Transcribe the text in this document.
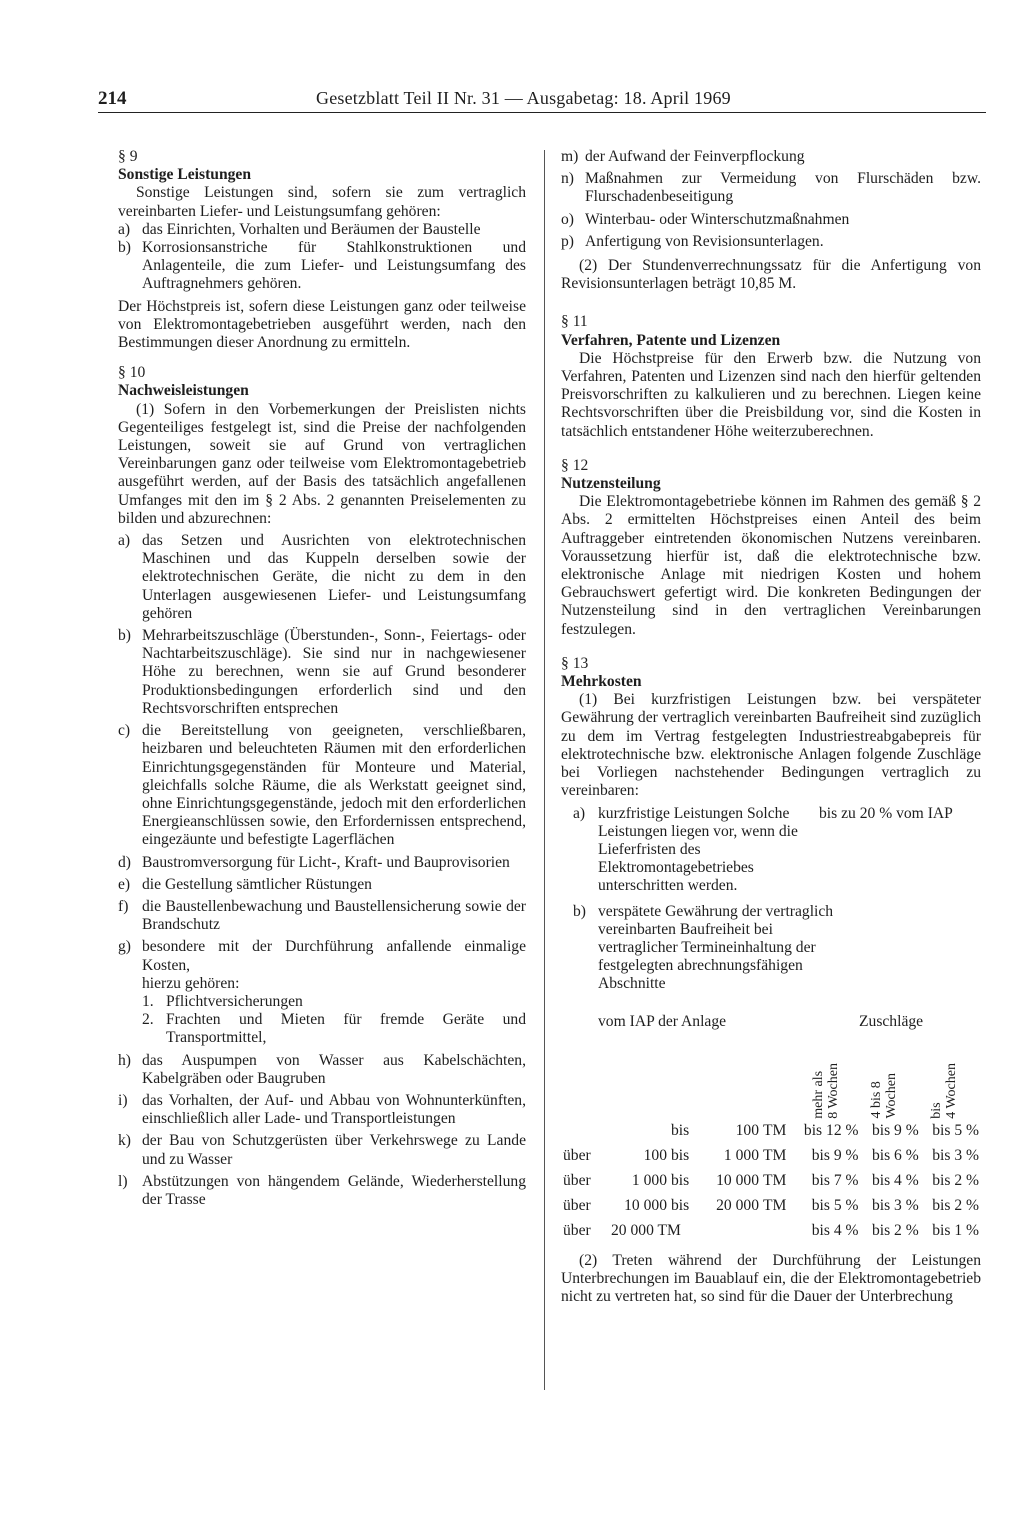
214	Gesetzblatt Teil II Nr. 31 — Ausgabetag: 18. April 1969

§ 9

Sonstige Leistungen

Sonstige Leistungen sind, sofern sie zum vertraglich vereinbarten Liefer- und Leistungsumfang gehören:

a) das Einrichten, Vorhalten und Beräumen der Baustelle
b) Korrosionsanstriche für Stahlkonstruktionen und Anlagenteile, die zum Liefer- und Leistungsumfang des Auftragnehmers gehören.

Der Höchstpreis ist, sofern diese Leistungen ganz oder teilweise von Elektromontagebetrieben ausgeführt werden, nach den Bestimmungen dieser Anordnung zu ermitteln.

§ 10

Nachweisleistungen

(1) Sofern in den Vorbemerkungen der Preislisten nichts Gegenteiliges festgelegt ist, sind die Preise der nachfolgenden Leistungen, soweit sie auf Grund von vertraglichen Vereinbarungen ganz oder teilweise vom Elektromontagebetrieb ausgeführt werden, auf der Basis des tatsächlich angefallenen Umfanges mit den im § 2 Abs. 2 genannten Preiselementen zu bilden und abzurechnen:

a) das Setzen und Ausrichten von elektrotechnischen Maschinen und das Kuppeln derselben sowie der elektrotechnischen Geräte, die nicht zu dem in den Unterlagen ausgewiesenen Liefer- und Leistungsumfang gehören
b) Mehrarbeitszuschläge (Überstunden-, Sonn-, Feiertags- oder Nachtarbeitszuschläge). Sie sind nur in nachgewiesener Höhe zu berechnen, wenn sie auf Grund besonderer Produktionsbedingungen erforderlich sind und den Rechtsvorschriften entsprechen
c) die Bereitstellung von geeigneten, verschließbaren, heizbaren und beleuchteten Räumen mit den erforderlichen Einrichtungsgegenständen für Monteure und Material, gleichfalls solche Räume, die als Werkstatt geeignet sind, ohne Einrichtungsgegenstände, jedoch mit den erforderlichen Energieanschlüssen sowie, den Erfordernissen entsprechend, eingezäunte und befestigte Lagerflächen
d) Baustromversorgung für Licht-, Kraft- und Bauprovisorien
e) die Gestellung sämtlicher Rüstungen
f) die Baustellenbewachung und Baustellensicherung sowie der Brandschutz
g) besondere mit der Durchführung anfallende einmalige Kosten,
hierzu gehören:
1. Pflichtversicherungen
2. Frachten und Mieten für fremde Geräte und Transportmittel,
h) das Auspumpen von Wasser aus Kabelschächten, Kabelgräben oder Baugruben
i) das Vorhalten, der Auf- und Abbau von Wohnunterkünften, einschließlich aller Lade- und Transportleistungen
k) der Bau von Schutzgerüsten über Verkehrswege zu Lande und zu Wasser
l) Abstützungen von hängendem Gelände, Wiederherstellung der Trasse
m) der Aufwand der Feinverpflockung
n) Maßnahmen zur Vermeidung von Flurschäden bzw. Flurschadenbeseitigung
o) Winterbau- oder Winterschutzmaßnahmen
p) Anfertigung von Revisionsunterlagen.

(2) Der Stundenverrechnungssatz für die Anfertigung von Revisionsunterlagen beträgt 10,85 M.

§ 11

Verfahren, Patente und Lizenzen

Die Höchstpreise für den Erwerb bzw. die Nutzung von Verfahren, Patenten und Lizenzen sind nach den hierfür geltenden Preisvorschriften zu kalkulieren und zu berechnen. Liegen keine Rechtsvorschriften über die Preisbildung vor, sind die Kosten in tatsächlich entstandener Höhe weiterzuberechnen.

§ 12

Nutzensteilung

Die Elektromontagebetriebe können im Rahmen des gemäß § 2 Abs. 2 ermittelten Höchstpreises einen Anteil des beim Auftraggeber eintretenden ökonomischen Nutzens vereinbaren. Voraussetzung hierfür ist, daß die elektrotechnische bzw. elektronische Anlage mit niedrigen Kosten und hohem Gebrauchswert gefertigt wird. Die konkreten Bedingungen der Nutzensteilung sind in den vertraglichen Vereinbarungen festzulegen.

§ 13

Mehrkosten

(1) Bei kurzfristigen Leistungen bzw. bei verspäteter Gewährung der vertraglich vereinbarten Baufreiheit sind zuzüglich zu dem im Vertrag festgelegten Industriestreabgabepreis für elektrotechnische bzw. elektronische Anlagen folgende Zuschläge bei Vorliegen nachstehender Bedingungen vertraglich zu vereinbaren:

a) kurzfristige Leistungen Solche Leistungen liegen vor, wenn die Lieferfristen des Elektromontagebetriebes unterschritten werden.
bis zu 20 % vom IAP
b) verspätete Gewährung der vertraglich vereinbarten Baufreiheit bei vertraglicher Termineinhaltung der festgelegten abrechnungsfähigen Abschnitte
vom IAP der Anlage	Zuschläge
mehr als 8 Wochen 4 bis 8 Wochen bis 4 Wochen
		bis	100	TM	bis 12 %	bis 9 %	bis 5 %
über	100	bis	1 000	TM	bis 9 %	bis 6 %	bis 3 %
über	1 000	bis	10 000	TM	bis 7 %	bis 4 %	bis 2 %
über	10 000	bis	20 000	TM	bis 5 %	bis 3 %	bis 2 %
über	20 000 TM				bis 4 %	bis 2 %	bis 1 %

(2) Treten während der Durchführung der Leistungen Unterbrechungen im Bauablauf ein, die der Elektromontagebetrieb nicht zu vertreten hat, so sind für die Dauer der Unterbrechung
